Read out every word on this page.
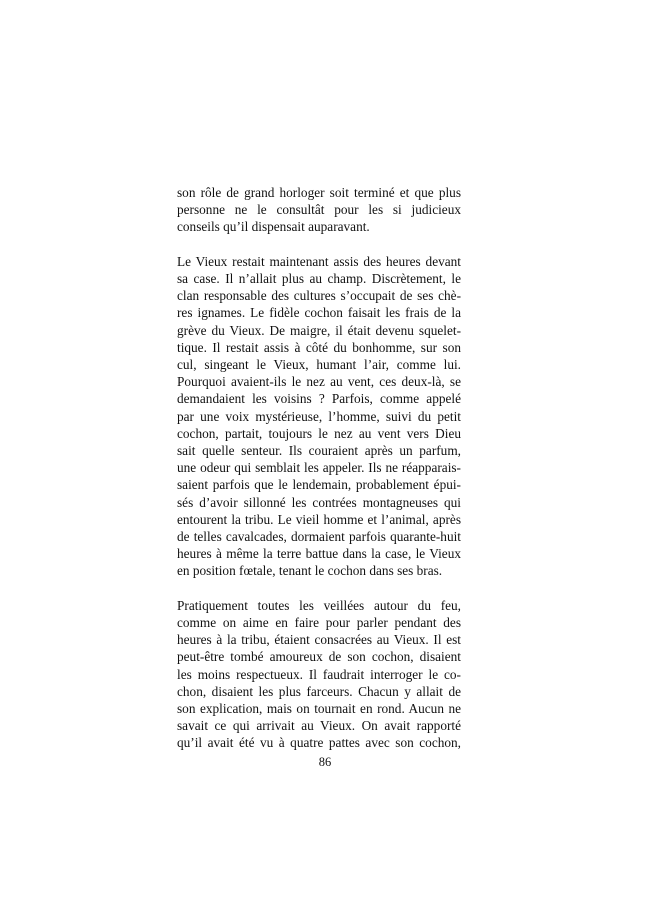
son rôle de grand horloger soit terminé et que plus
personne ne le consultât pour les si judicieux
conseils qu’il dispensait auparavant.

Le Vieux restait maintenant assis des heures devant
sa case. Il n’allait plus au champ. Discrètement, le
clan responsable des cultures s’occupait de ses chè-
res ignames. Le fidèle cochon faisait les frais de la
grève du Vieux. De maigre, il était devenu squelet-
tique. Il restait assis à côté du bonhomme, sur son
cul, singeant le Vieux, humant l’air, comme lui.
Pourquoi avaient-ils le nez au vent, ces deux-là, se
demandaient les voisins ? Parfois, comme appelé
par une voix mystérieuse, l’homme, suivi du petit
cochon, partait, toujours le nez au vent vers Dieu
sait quelle senteur. Ils couraient après un parfum,
une odeur qui semblait les appeler. Ils ne réapparais-
saient parfois que le lendemain, probablement épui-
sés d’avoir sillonné les contrées montagneuses qui
entourent la tribu. Le vieil homme et l’animal, après
de telles cavalcades, dormaient parfois quarante-huit
heures à même la terre battue dans la case, le Vieux
en position fœtale, tenant le cochon dans ses bras.

Pratiquement toutes les veillées autour du feu,
comme on aime en faire pour parler pendant des
heures à la tribu, étaient consacrées au Vieux. Il est
peut-être tombé amoureux de son cochon, disaient
les moins respectueux. Il faudrait interroger le co-
chon, disaient les plus farceurs. Chacun y allait de
son explication, mais on tournait en rond. Aucun ne
savait ce qui arrivait au Vieux. On avait rapporté
qu’il avait été vu à quatre pattes avec son cochon,

86
